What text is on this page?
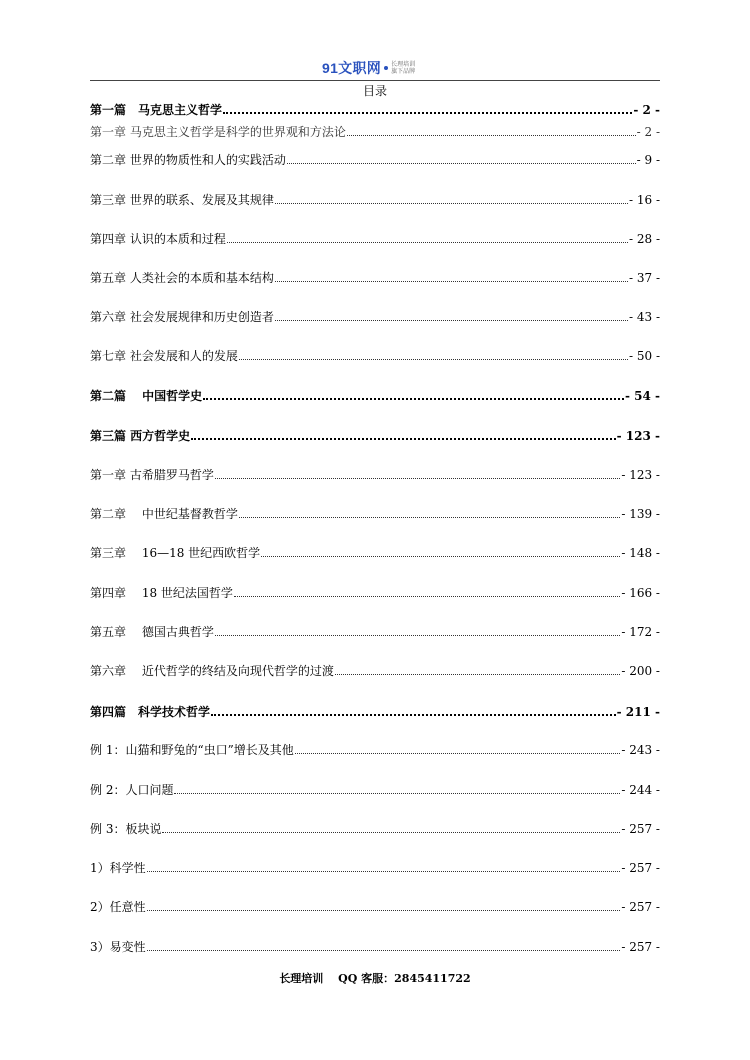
91文职网 长理培训
旗下品牌
目录
第一篇　马克思主义哲学	- 2 -
第一章 马克思主义哲学是科学的世界观和方法论	- 2 -
第二章 世界的物质性和人的实践活动	- 9 -
第三章 世界的联系、发展及其规律	- 16 -
第四章 认识的本质和过程	- 28 -
第五章 人类社会的本质和基本结构	- 37 -
第六章 社会发展规律和历史创造者	- 43 -
第七章 社会发展和人的发展	- 50 -
第二篇　 中国哲学史	- 54 -
第三篇 西方哲学史	- 123 -
第一章 古希腊罗马哲学	- 123 -
第二章　 中世纪基督教哲学	- 139 -
第三章　 16—18 世纪西欧哲学	- 148 -
第四章　 18 世纪法国哲学	- 166 -
第五章　 德国古典哲学	- 172 -
第六章　 近代哲学的终结及向现代哲学的过渡	- 200 -
第四篇　科学技术哲学	- 211 -
例 1：山猫和野兔的“虫口”增长及其他	- 243 -
例 2：人口问题	- 244 -
例 3：板块说	- 257 -
1）科学性	- 257 -
2）任意性	- 257 -
3）易变性	- 257 -
长理培训　 QQ 客服：2845411722
